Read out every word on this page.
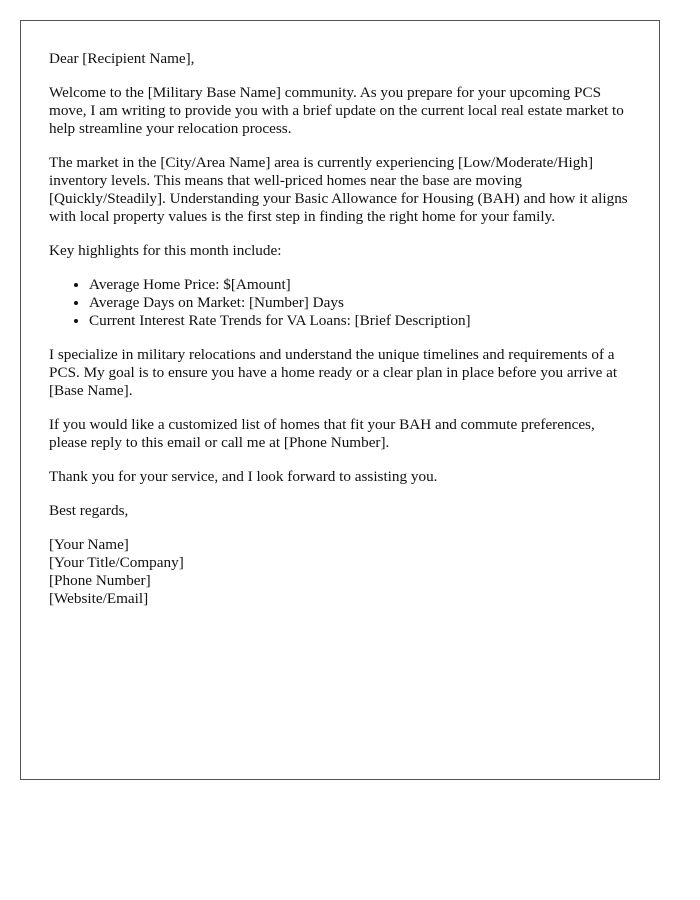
Dear [Recipient Name],

Welcome to the [Military Base Name] community. As you prepare for your upcoming PCS move, I am writing to provide you with a brief update on the current local real estate market to help streamline your relocation process.

The market in the [City/Area Name] area is currently experiencing [Low/Moderate/High] inventory levels. This means that well-priced homes near the base are moving [Quickly/Steadily]. Understanding your Basic Allowance for Housing (BAH) and how it aligns with local property values is the first step in finding the right home for your family.

Key highlights for this month include:

• Average Home Price: $[Amount]
• Average Days on Market: [Number] Days
• Current Interest Rate Trends for VA Loans: [Brief Description]

I specialize in military relocations and understand the unique timelines and requirements of a PCS. My goal is to ensure you have a home ready or a clear plan in place before you arrive at [Base Name].

If you would like a customized list of homes that fit your BAH and commute preferences, please reply to this email or call me at [Phone Number].

Thank you for your service, and I look forward to assisting you.

Best regards,

[Your Name]
[Your Title/Company]
[Phone Number]
[Website/Email]
